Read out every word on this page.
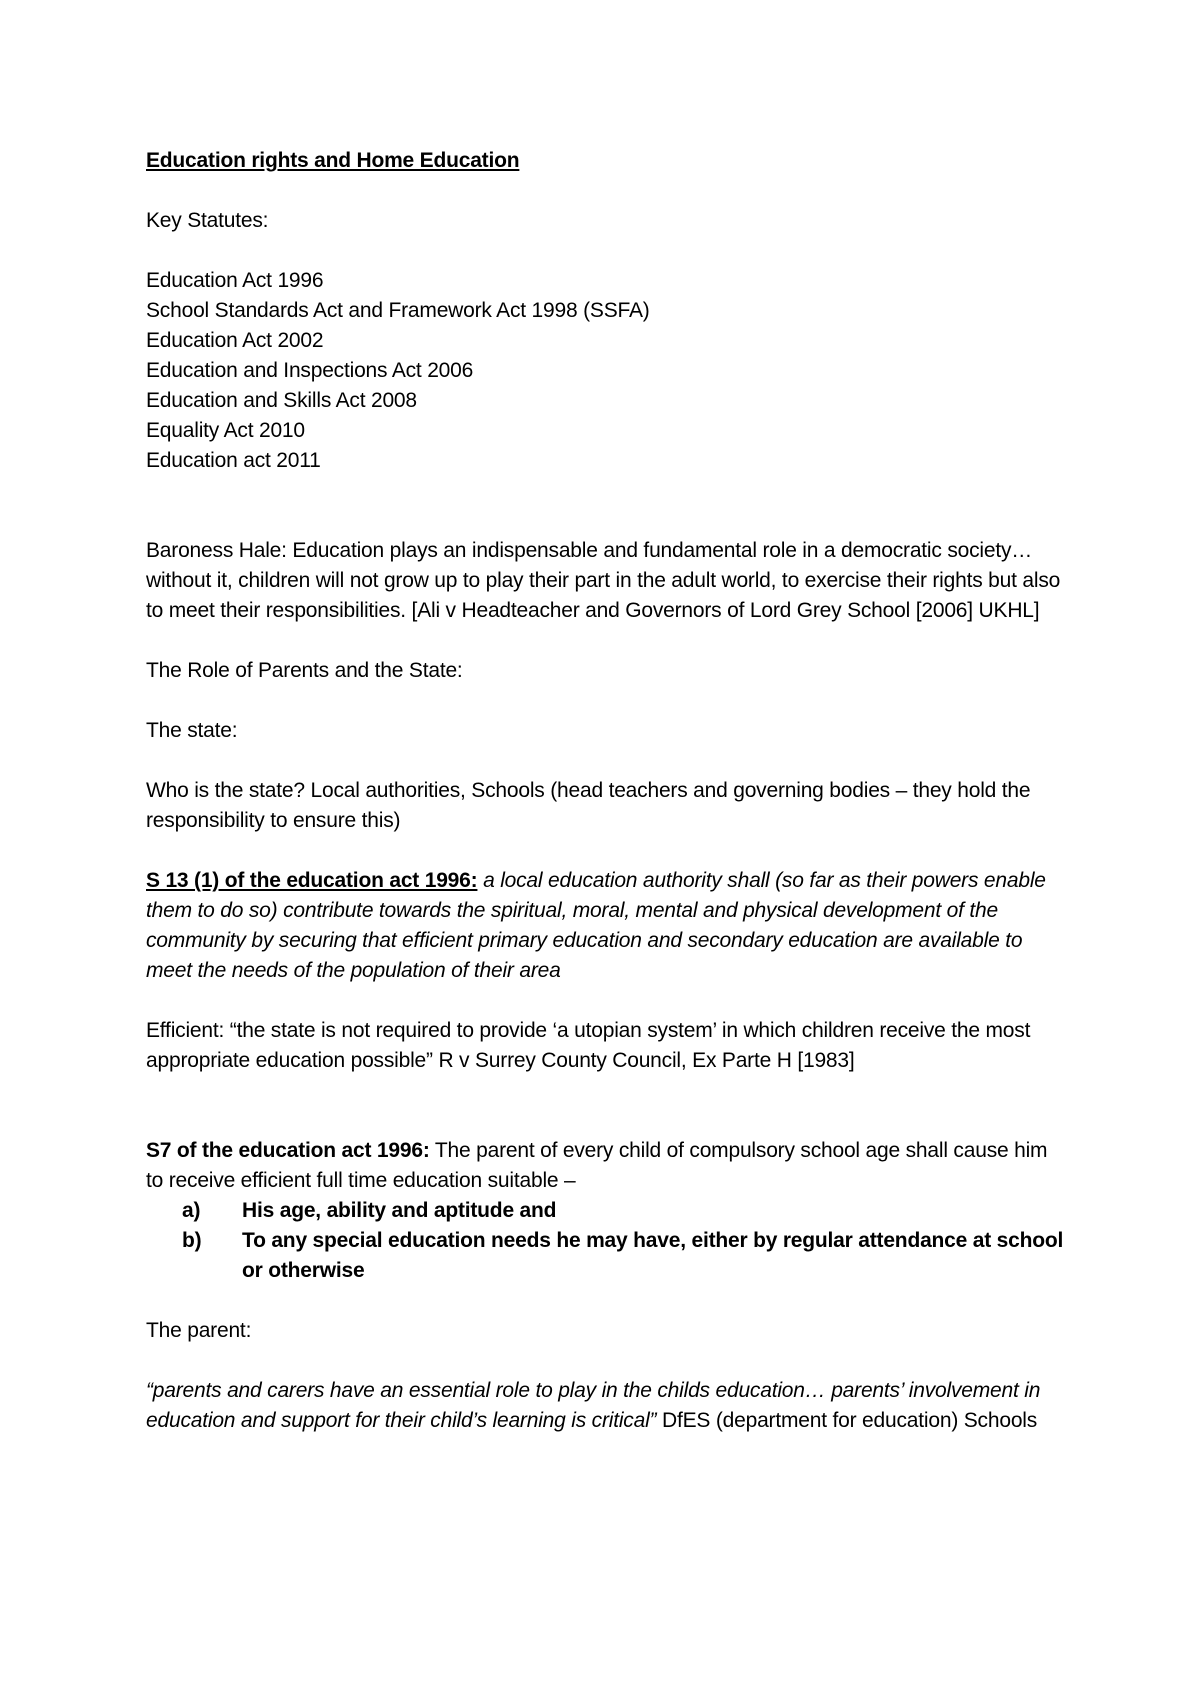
Education rights and Home Education

Key Statutes:

Education Act 1996
School Standards Act and Framework Act 1998 (SSFA)
Education Act 2002
Education and Inspections Act 2006
Education and Skills Act 2008
Equality Act 2010
Education act 2011

Baroness Hale: Education plays an indispensable and fundamental role in a democratic society… without it, children will not grow up to play their part in the adult world, to exercise their rights but also to meet their responsibilities. [Ali v Headteacher and Governors of Lord Grey School [2006] UKHL]

The Role of Parents and the State:

The state:

Who is the state? Local authorities, Schools (head teachers and governing bodies – they hold the responsibility to ensure this)

S 13 (1) of the education act 1996: a local education authority shall (so far as their powers enable them to do so) contribute towards the spiritual, moral, mental and physical development of the community by securing that efficient primary education and secondary education are available to meet the needs of the population of their area

Efficient: “the state is not required to provide ‘a utopian system’ in which children receive the most appropriate education possible” R v Surrey County Council, Ex Parte H [1983]

S7 of the education act 1996: The parent of every child of compulsory school age shall cause him to receive efficient full time education suitable –

a) His age, ability and aptitude and
b) To any special education needs he may have, either by regular attendance at school or otherwise

The parent:

“parents and carers have an essential role to play in the childs education… parents’ involvement in education and support for their child’s learning is critical” DfES (department for education) Schools
